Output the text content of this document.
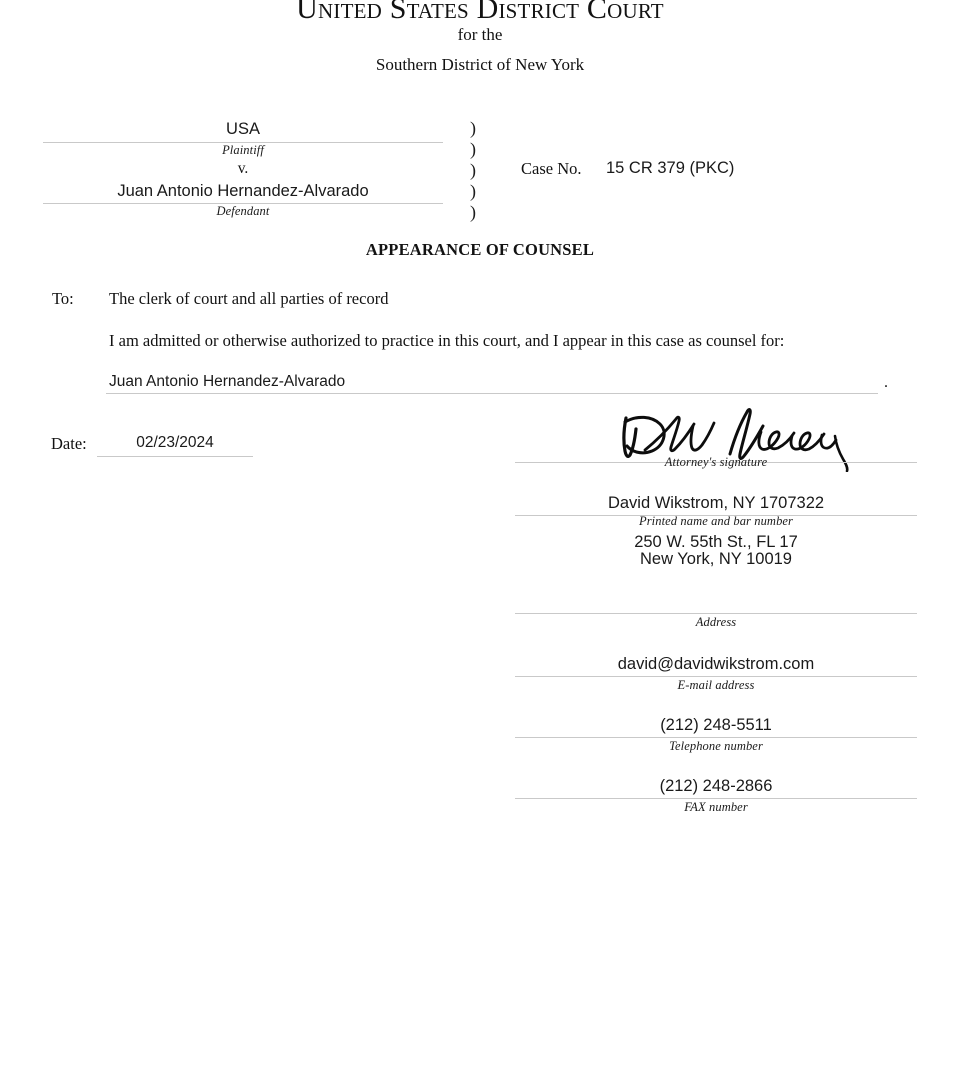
United States District Court
for the
Southern District of New York
USA
Plaintiff
v.
Juan Antonio Hernandez-Alvarado
Defendant
)
)
)
)
)
Case No. 15 CR 379 (PKC)
APPEARANCE OF COUNSEL
To: The clerk of court and all parties of record
I am admitted or otherwise authorized to practice in this court, and I appear in this case as counsel for:
Juan Antonio Hernandez-Alvarado	.
Date:	02/23/2024
Attorney's signature
David Wikstrom, NY 1707322
Printed name and bar number
250 W. 55th St., FL 17
New York, NY 10019
Address
david@davidwikstrom.com
E-mail address
(212) 248-5511
Telephone number
(212) 248-2866
FAX number
